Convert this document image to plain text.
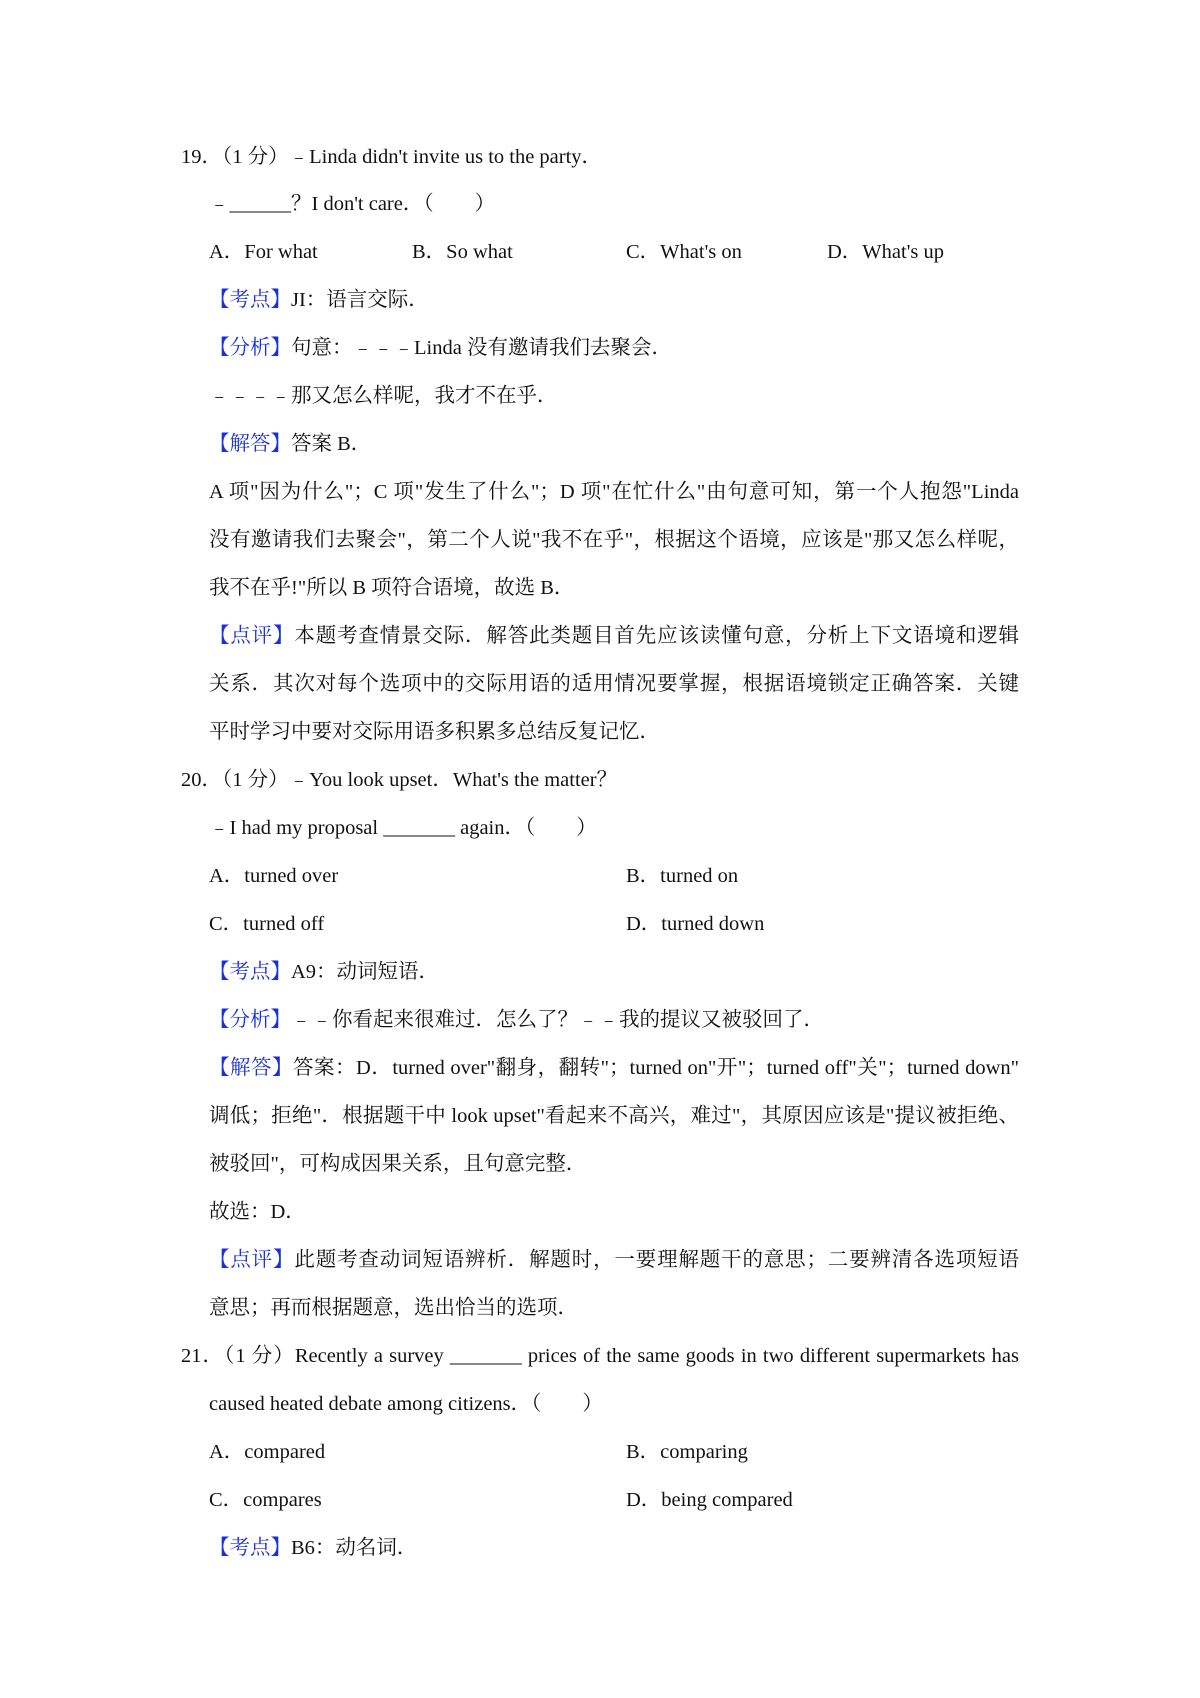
19．（1 分）﹣Linda didn't invite us to the party．
﹣______？I don't care．（　　）
A．For what	B．So what	C．What's on	D．What's up
【考点】JI：语言交际．
【分析】句意：﹣﹣﹣Linda 没有邀请我们去聚会．
﹣﹣﹣﹣那又怎么样呢，我才不在乎．
【解答】答案 B．
A 项"因为什么"；C 项"发生了什么"；D 项"在忙什么"由句意可知，第一个人抱怨"Linda
没有邀请我们去聚会"，第二个人说"我不在乎"，根据这个语境，应该是"那又怎么样呢，
我不在乎!"所以 B 项符合语境，故选 B．
【点评】本题考查情景交际．解答此类题目首先应该读懂句意，分析上下文语境和逻辑
关系．其次对每个选项中的交际用语的适用情况要掌握，根据语境锁定正确答案．关键
平时学习中要对交际用语多积累多总结反复记忆．
20．（1 分）﹣You look upset．What's the matter？
﹣I had my proposal _______ again．（　　）
A．turned over	B．turned on
C．turned off	D．turned down
【考点】A9：动词短语．
【分析】﹣﹣你看起来很难过．怎么了？﹣﹣我的提议又被驳回了．
【解答】答案：D．turned over"翻身，翻转"；turned on"开"；turned off"关"；turned down"
调低；拒绝"．根据题干中 look upset"看起来不高兴，难过"，其原因应该是"提议被拒绝、
被驳回"，可构成因果关系，且句意完整．
故选：D．
【点评】此题考查动词短语辨析．解题时，一要理解题干的意思；二要辨清各选项短语
意思；再而根据题意，选出恰当的选项．
21．（1 分）Recently a survey _______ prices of the same goods in two different supermarkets has
caused heated debate among citizens．（　　）
A．compared	B．comparing
C．compares	D．being compared
【考点】B6：动名词．
